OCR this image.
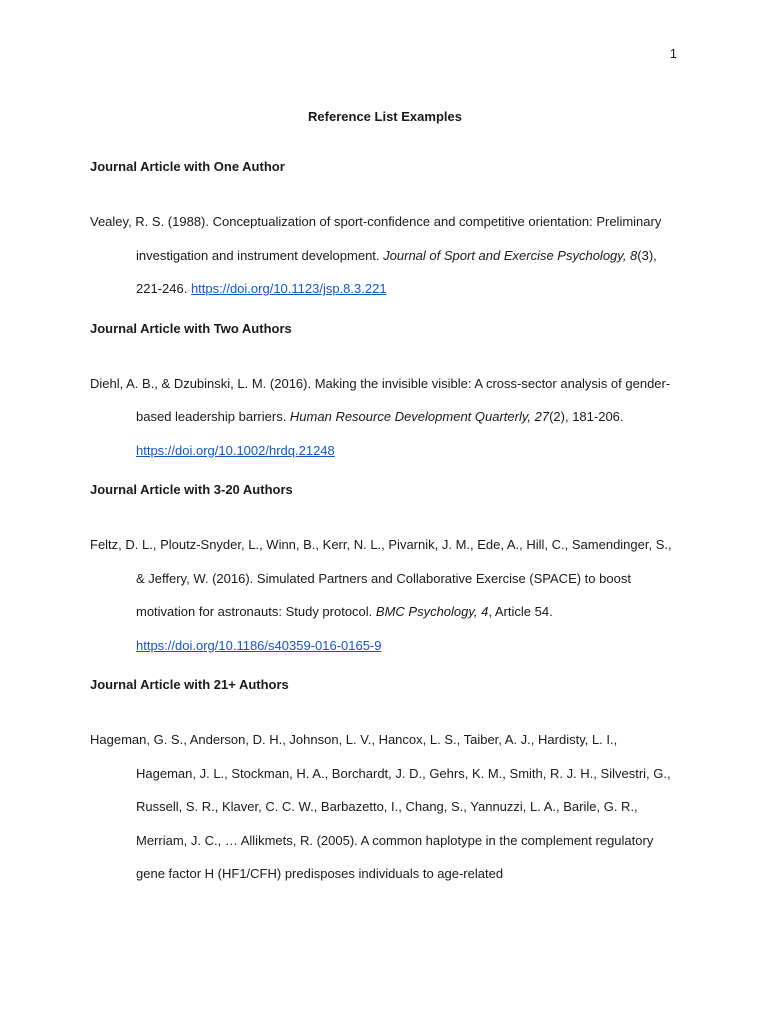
1
Reference List Examples
Journal Article with One Author

Vealey, R. S. (1988). Conceptualization of sport-confidence and competitive orientation: Preliminary investigation and instrument development. Journal of Sport and Exercise Psychology, 8(3), 221-246. https://doi.org/10.1123/jsp.8.3.221

Journal Article with Two Authors

Diehl, A. B., & Dzubinski, L. M. (2016). Making the invisible visible: A cross-sector analysis of gender-based leadership barriers. Human Resource Development Quarterly, 27(2), 181-206. https://doi.org/10.1002/hrdq.21248

Journal Article with 3-20 Authors

Feltz, D. L., Ploutz-Snyder, L., Winn, B., Kerr, N. L., Pivarnik, J. M., Ede, A., Hill, C., Samendinger, S., & Jeffery, W. (2016). Simulated Partners and Collaborative Exercise (SPACE) to boost motivation for astronauts: Study protocol. BMC Psychology, 4, Article 54. https://doi.org/10.1186/s40359-016-0165-9

Journal Article with 21+ Authors

Hageman, G. S., Anderson, D. H., Johnson, L. V., Hancox, L. S., Taiber, A. J., Hardisty, L. I., Hageman, J. L., Stockman, H. A., Borchardt, J. D., Gehrs, K. M., Smith, R. J. H., Silvestri, G., Russell, S. R., Klaver, C. C. W., Barbazetto, I., Chang, S., Yannuzzi, L. A., Barile, G. R., Merriam, J. C., … Allikmets, R. (2005). A common haplotype in the complement regulatory gene factor H (HF1/CFH) predisposes individuals to age-related
